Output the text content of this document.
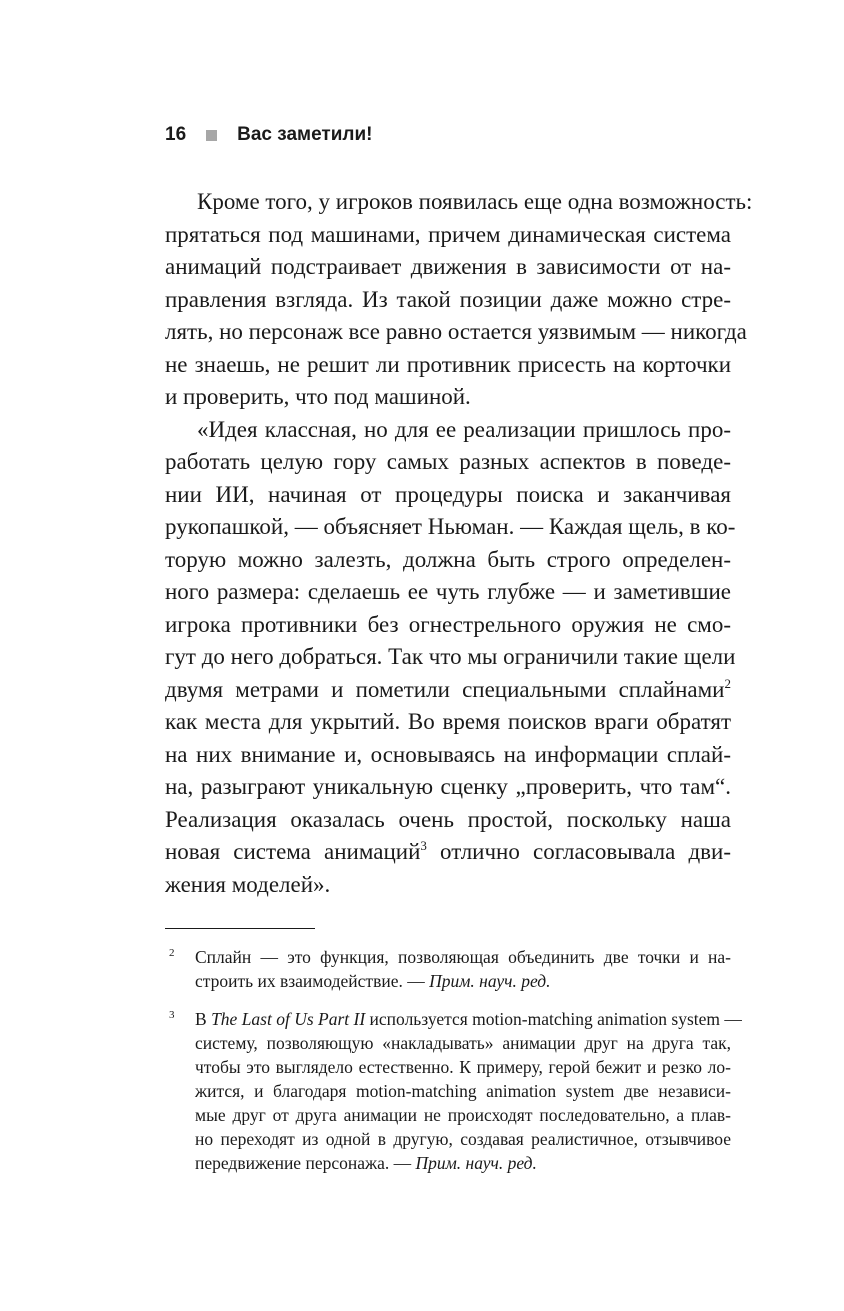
16	Вас заметили!
Кроме того, у игроков появилась еще одна возможность:
прятаться под машинами, причем динамическая система
анимаций подстраивает движения в зависимости от на-
правления взгляда. Из такой позиции даже можно стре-
лять, но персонаж все равно остается уязвимым — никогда
не знаешь, не решит ли противник присесть на корточки
и проверить, что под машиной.
«Идея классная, но для ее реализации пришлось про-
работать целую гору самых разных аспектов в поведе-
нии ИИ, начиная от процедуры поиска и заканчивая
рукопашкой, — объясняет Ньюман. — Каждая щель, в ко-
торую можно залезть, должна быть строго определен-
ного размера: сделаешь ее чуть глубже — и заметившие
игрока противники без огнестрельного оружия не смо-
гут до него добраться. Так что мы ограничили такие щели
двумя метрами и пометили специальными сплайнами$^2$
как места для укрытий. Во время поисков враги обратят
на них внимание и, основываясь на информации сплай-
на, разыграют уникальную сценку „проверить, что там“.
Реализация оказалась очень простой, поскольку наша
новая система анимаций$^3$ отлично согласовывала дви-
жения моделей».
2 Сплайн — это функция, позволяющая объединить две точки и на-
строить их взаимодействие. — Прим. науч. ред.
3 В The Last of Us Part II используется motion-matching animation system —
систему, позволяющую «накладывать» анимации друг на друга так,
чтобы это выглядело естественно. К примеру, герой бежит и резко ло-
жится, и благодаря motion-matching animation system две независи-
мые друг от друга анимации не происходят последовательно, а плав-
но переходят из одной в другую, создавая реалистичное, отзывчивое
передвижение персонажа. — Прим. науч. ред.
